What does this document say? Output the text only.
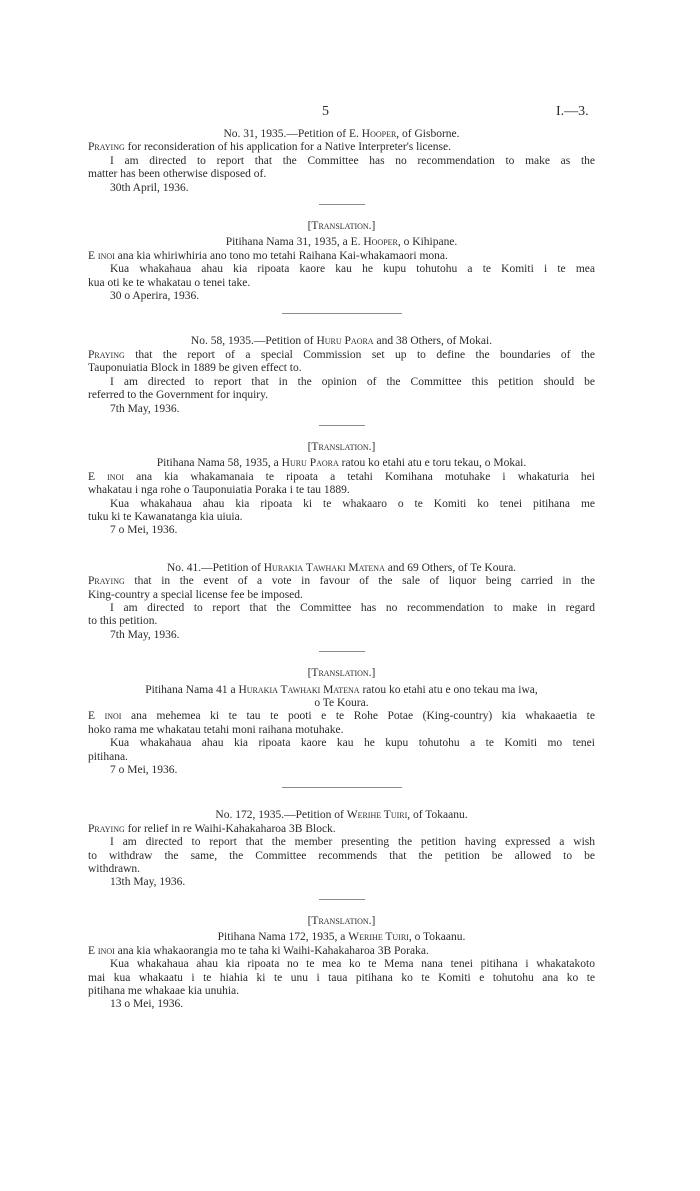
5	I.—3.
No. 31, 1935.—Petition of E. Hooper, of Gisborne.
Praying for reconsideration of his application for a Native Interpreter's license.
I am directed to report that the Committee has no recommendation to make as the
matter has been otherwise disposed of.
30th April, 1936.
[Translation.]
Pitihana Nama 31, 1935, a E. Hooper, o Kihipane.
E inoi ana kia whiriwhiria ano tono mo tetahi Raihana Kai-whakamaori mona.
Kua whakahaua ahau kia ripoata kaore kau he kupu tohutohu a te Komiti i te mea
kua oti ke te whakatau o tenei take.
30 o Aperira, 1936.
No. 58, 1935.—Petition of Huru Paora and 38 Others, of Mokai.
Praying that the report of a special Commission set up to define the boundaries of the
Tauponuiatia Block in 1889 be given effect to.
I am directed to report that in the opinion of the Committee this petition should be
referred to the Government for inquiry.
7th May, 1936.
[Translation.]
Pitihana Nama 58, 1935, a Huru Paora ratou ko etahi atu e toru tekau, o Mokai.
E inoi ana kia whakamanaia te ripoata a tetahi Komihana motuhake i whakaturia hei
whakatau i nga rohe o Tauponuiatia Poraka i te tau 1889.
Kua whakahaua ahau kia ripoata ki te whakaaro o te Komiti ko tenei pitihana me
tuku ki te Kawanatanga kia uiuia.
7 o Mei, 1936.
No. 41.—Petition of Hurakia Tawhaki Matena and 69 Others, of Te Koura.
Praying that in the event of a vote in favour of the sale of liquor being carried in the
King-country a special license fee be imposed.
I am directed to report that the Committee has no recommendation to make in regard
to this petition.
7th May, 1936.
[Translation.]
Pitihana Nama 41 a Hurakia Tawhaki Matena ratou ko etahi atu e ono tekau ma iwa,
o Te Koura.
E inoi ana mehemea ki te tau te pooti e te Rohe Potae (King-country) kia whakaaetia te
hoko rama me whakatau tetahi moni raihana motuhake.
Kua whakahaua ahau kia ripoata kaore kau he kupu tohutohu a te Komiti mo tenei
pitihana.
7 o Mei, 1936.
No. 172, 1935.—Petition of Werihe Tuiri, of Tokaanu.
Praying for relief in re Waihi-Kahakaharoa 3B Block.
I am directed to report that the member presenting the petition having expressed a wish
to withdraw the same, the Committee recommends that the petition be allowed to be
withdrawn.
13th May, 1936.
[Translation.]
Pitihana Nama 172, 1935, a Werihe Tuiri, o Tokaanu.
E inoi ana kia whakaorangia mo te taha ki Waihi-Kahakaharoa 3B Poraka.
Kua whakahaua ahau kia ripoata no te mea ko te Mema nana tenei pitihana i whakatakoto
mai kua whakaatu i te hiahia ki te unu i taua pitihana ko te Komiti e tohutohu ana ko te
pitihana me whakaae kia unuhia.
13 o Mei, 1936.
